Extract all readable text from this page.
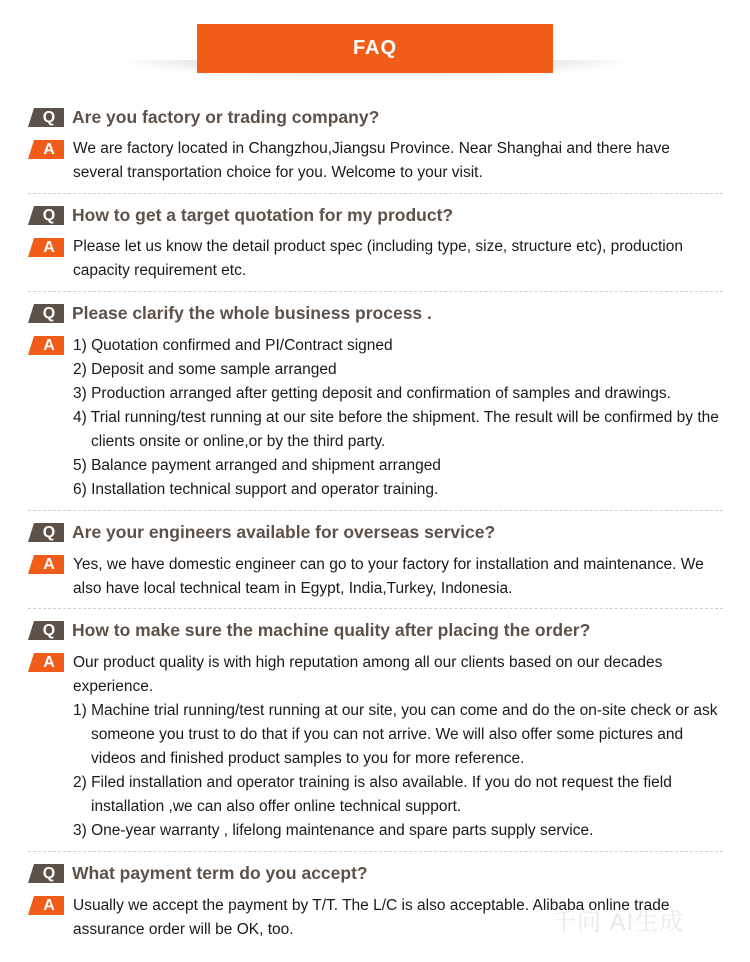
FAQ
Q Are you factory or trading company?
A	We are factory located in Changzhou,Jiangsu Province. Near Shanghai and there have several transportation choice for you. Welcome to your visit.

Q How to get a target quotation for my product?
A	Please let us know the detail product spec (including type, size, structure etc), production capacity requirement etc.

Q Please clarify the whole business process .
A	1) Quotation confirmed and PI/Contract signed

2) Deposit and some sample arranged

3) Production arranged after getting deposit and confirmation of samples and drawings.

4) Trial running/test running at our site before the shipment. The result will be confirmed by the clients onsite or online,or by the third party.

5) Balance payment arranged and shipment arranged

6) Installation technical support and operator training.

Q Are your engineers available for overseas service?
A	Yes, we have domestic engineer can go to your factory for installation and maintenance. We also have local technical team in Egypt, India,Turkey, Indonesia.

Q How to make sure the machine quality after placing the order?
A	Our product quality is with high reputation among all our clients based on our decades experience.

1) Machine trial running/test running at our site, you can come and do the on-site check or ask someone you trust to do that if you can not arrive. We will also offer some pictures and videos and finished product samples to you for more reference.

2) Filed installation and operator training is also available. If you do not request the field installation ,we can also offer online technical support.

3) One-year warranty , lifelong maintenance and spare parts supply service.

Q What payment term do you accept?
A	Usually we accept the payment by T/T. The L/C is also acceptable. Alibaba online trade assurance order will be OK, too.	千问 AI生成
